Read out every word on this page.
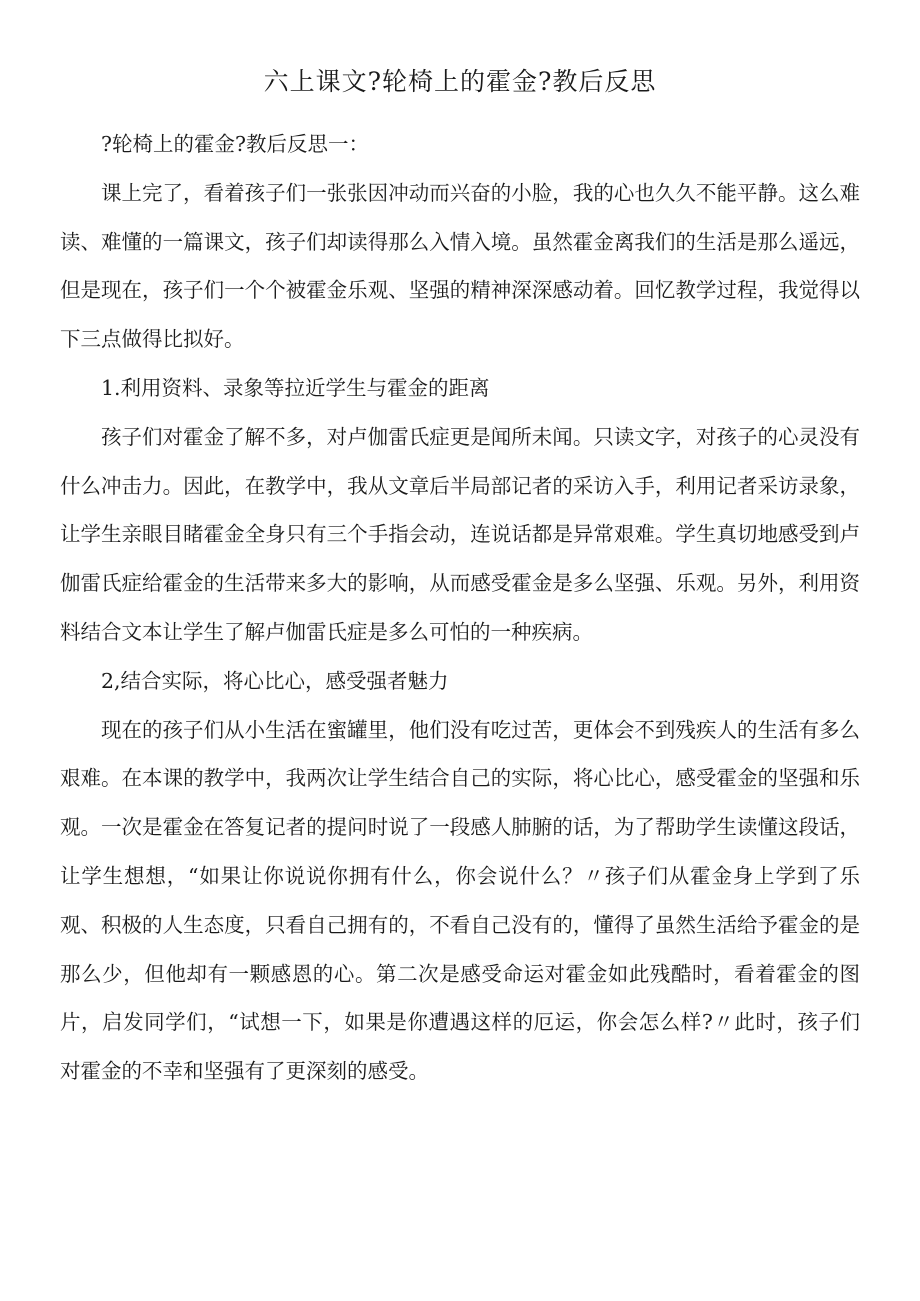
六上课文?轮椅上的霍金?教后反思

?轮椅上的霍金?教后反思一：

课上完了，看着孩子们一张张因冲动而兴奋的小脸，我的心也久久不能平静。这么难读、难懂的一篇课文，孩子们却读得那么入情入境。虽然霍金离我们的生活是那么遥远，但是现在，孩子们一个个被霍金乐观、坚强的精神深深感动着。回忆教学过程，我觉得以下三点做得比拟好。

1.利用资料、录象等拉近学生与霍金的距离

孩子们对霍金了解不多，对卢伽雷氏症更是闻所未闻。只读文字，对孩子的心灵没有什么冲击力。因此，在教学中，我从文章后半局部记者的采访入手，利用记者采访录象，让学生亲眼目睹霍金全身只有三个手指会动，连说话都是异常艰难。学生真切地感受到卢伽雷氏症给霍金的生活带来多大的影响，从而感受霍金是多么坚强、乐观。另外，利用资料结合文本让学生了解卢伽雷氏症是多么可怕的一种疾病。

2,结合实际，将心比心，感受强者魅力

现在的孩子们从小生活在蜜罐里，他们没有吃过苦，更体会不到残疾人的生活有多么艰难。在本课的教学中，我两次让学生结合自己的实际，将心比心，感受霍金的坚强和乐观。一次是霍金在答复记者的提问时说了一段感人肺腑的话，为了帮助学生读懂这段话，让学生想想，“如果让你说说你拥有什么，你会说什么？〃孩子们从霍金身上学到了乐观、积极的人生态度，只看自己拥有的，不看自己没有的，懂得了虽然生活给予霍金的是那么少，但他却有一颗感恩的心。第二次是感受命运对霍金如此残酷时，看着霍金的图片，启发同学们，“试想一下，如果是你遭遇这样的厄运，你会怎么样?〃此时，孩子们对霍金的不幸和坚强有了更深刻的感受。
